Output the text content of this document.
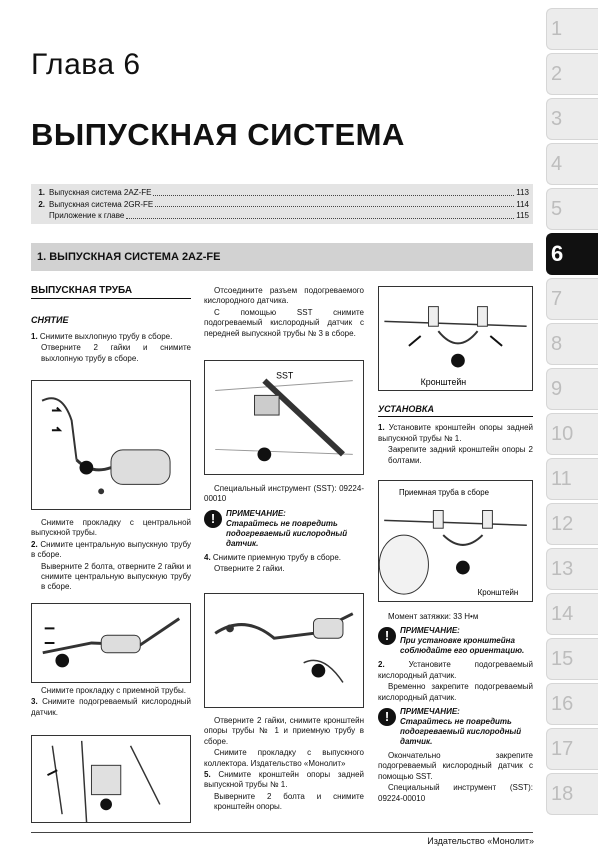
Глава 6
ВЫПУСКНАЯ СИСТЕМА
1. Выпускная система 2AZ-FE	113
2. Выпускная система 2GR-FE	114
Приложение к главе	115
1. ВЫПУСКНАЯ СИСТЕМА 2AZ-FE
1
2
3
4
5
6
7
8
9
10
11
12
13
14
15
16
17
18
ВЫПУСКНАЯ ТРУБА
СНЯТИЕ

1. Снимите выхлопную трубу в сборе.

Отверните 2 гайки и снимите выхлопную трубу в сборе.

Снимите прокладку с центральной выпускной трубы.

2. Снимите центральную выпускную трубу в сборе.

Выверните 2 болта, отверните 2 гайки и снимите центральную выпускную трубу в сборе.

Снимите прокладку с приемной трубы.

3. Снимите подогреваемый кислородный датчик.

Отсоедините разъем подогреваемого кислородного датчика.

С помощью SST снимите подогреваемый кислородный датчик с передней выпускной трубы № 3 в сборе.

SST

Специальный инструмент (SST): 09224-00010

!	ПРИМЕЧАНИЕ:
Старайтесь не повредить подогреваемый кислородный датчик.

4. Снимите приемную трубу в сборе.

Отверните 2 гайки.

Отверните 2 гайки, снимите кронштейн опоры трубы № 1 и приемную трубу в сборе.

Снимите прокладку с выпускного коллектора. Издательство «Монолит»

5. Снимите кронштейн опоры задней выпускной трубы № 1.

Выверните 2 болта и снимите кронштейн опоры.

Кронштейн
УСТАНОВКА

1. Установите кронштейн опоры задней выпускной трубы № 1.

Закрепите задний кронштейн опоры 2 болтами.

Приемная труба в сборе
Кронштейн

Момент затяжки: 33 Н•м

!	ПРИМЕЧАНИЕ:
При установке кронштейна соблюдайте его ориентацию.

2.	Установите подогреваемый кислородный датчик.

Временно закрепите подогреваемый кислородный датчик.

!	ПРИМЕЧАНИЕ:
Старайтесь не повредить подогреваемый кислородный датчик.

Окончательно закрепите подогреваемый кислородный датчик с помощью SST.

Специальный инструмент (SST): 09224-00010

Издательство «Монолит»
